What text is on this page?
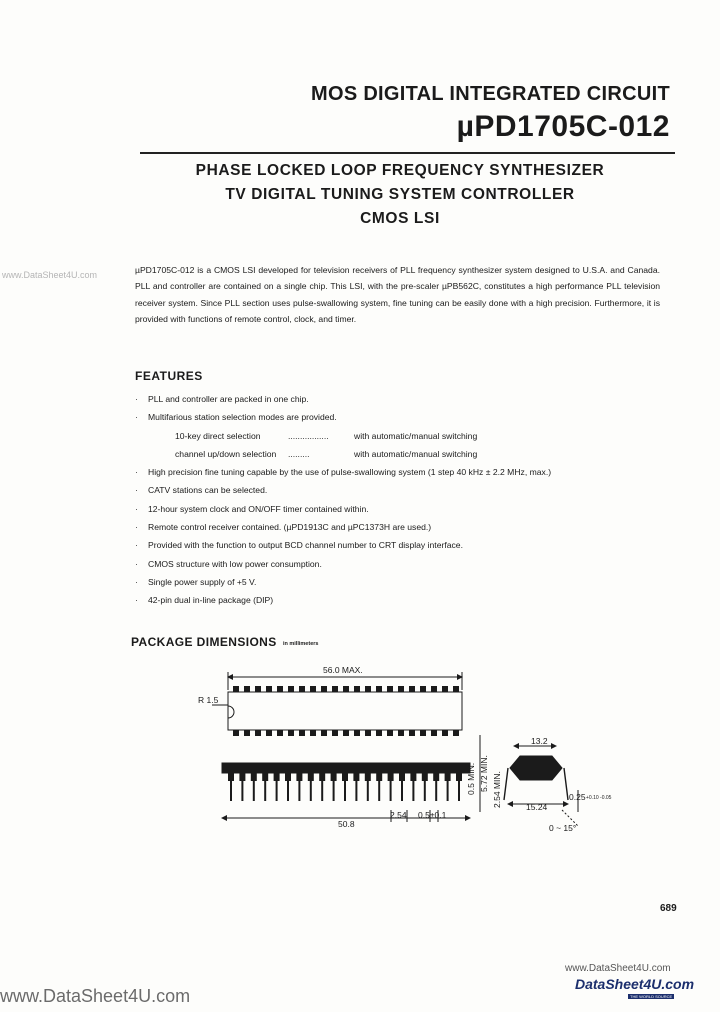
MOS DIGITAL INTEGRATED CIRCUIT
µPD1705C-012
PHASE LOCKED LOOP FREQUENCY SYNTHESIZER
TV DIGITAL TUNING SYSTEM CONTROLLER
CMOS LSI
www.DataSheet4U.com	µPD1705C-012 is a CMOS LSI developed for television receivers of PLL frequency synthesizer system designed to U.S.A. and Canada. PLL and controller are contained on a single chip. This LSI, with the pre-scaler µPB562C, constitutes a high performance PLL television receiver system. Since PLL section uses pulse-swallowing system, fine tuning can be easily done with a high precision. Furthermore, it is provided with functions of remote control, clock, and timer.
FEATURES
· PLL and controller are packed in one chip.
· Multifarious station selection modes are provided.
10-key direct selection	.................	with automatic/manual switching
channel up/down selection .........	with automatic/manual switching
· High precision fine tuning capable by the use of pulse-swallowing system (1 step 40 kHz ± 2.2 MHz, max.)
· CATV stations can be selected.
· 12-hour system clock and ON/OFF timer contained within.
· Remote control receiver contained. (µPD1913C and µPC1373H are used.)
· Provided with the function to output BCD channel number to CRT display interface.
· CMOS structure with low power consumption.
· Single power supply of +5 V.
· 42-pin dual in-line package (DIP)
PACKAGE DIMENSIONS in millimeters
56.0 MAX.
R 1.5
50.8
2.54 0.5±0.1
0.5 MIN. 5.72 MIN. 2.54 MIN.
13.2
15.24
0.25 +0.10 -0.05
0 ~ 15°
689
www.DataSheet4U.com
DataSheet4U.com
THE WORLD SOURCE
www.DataSheet4U.com
